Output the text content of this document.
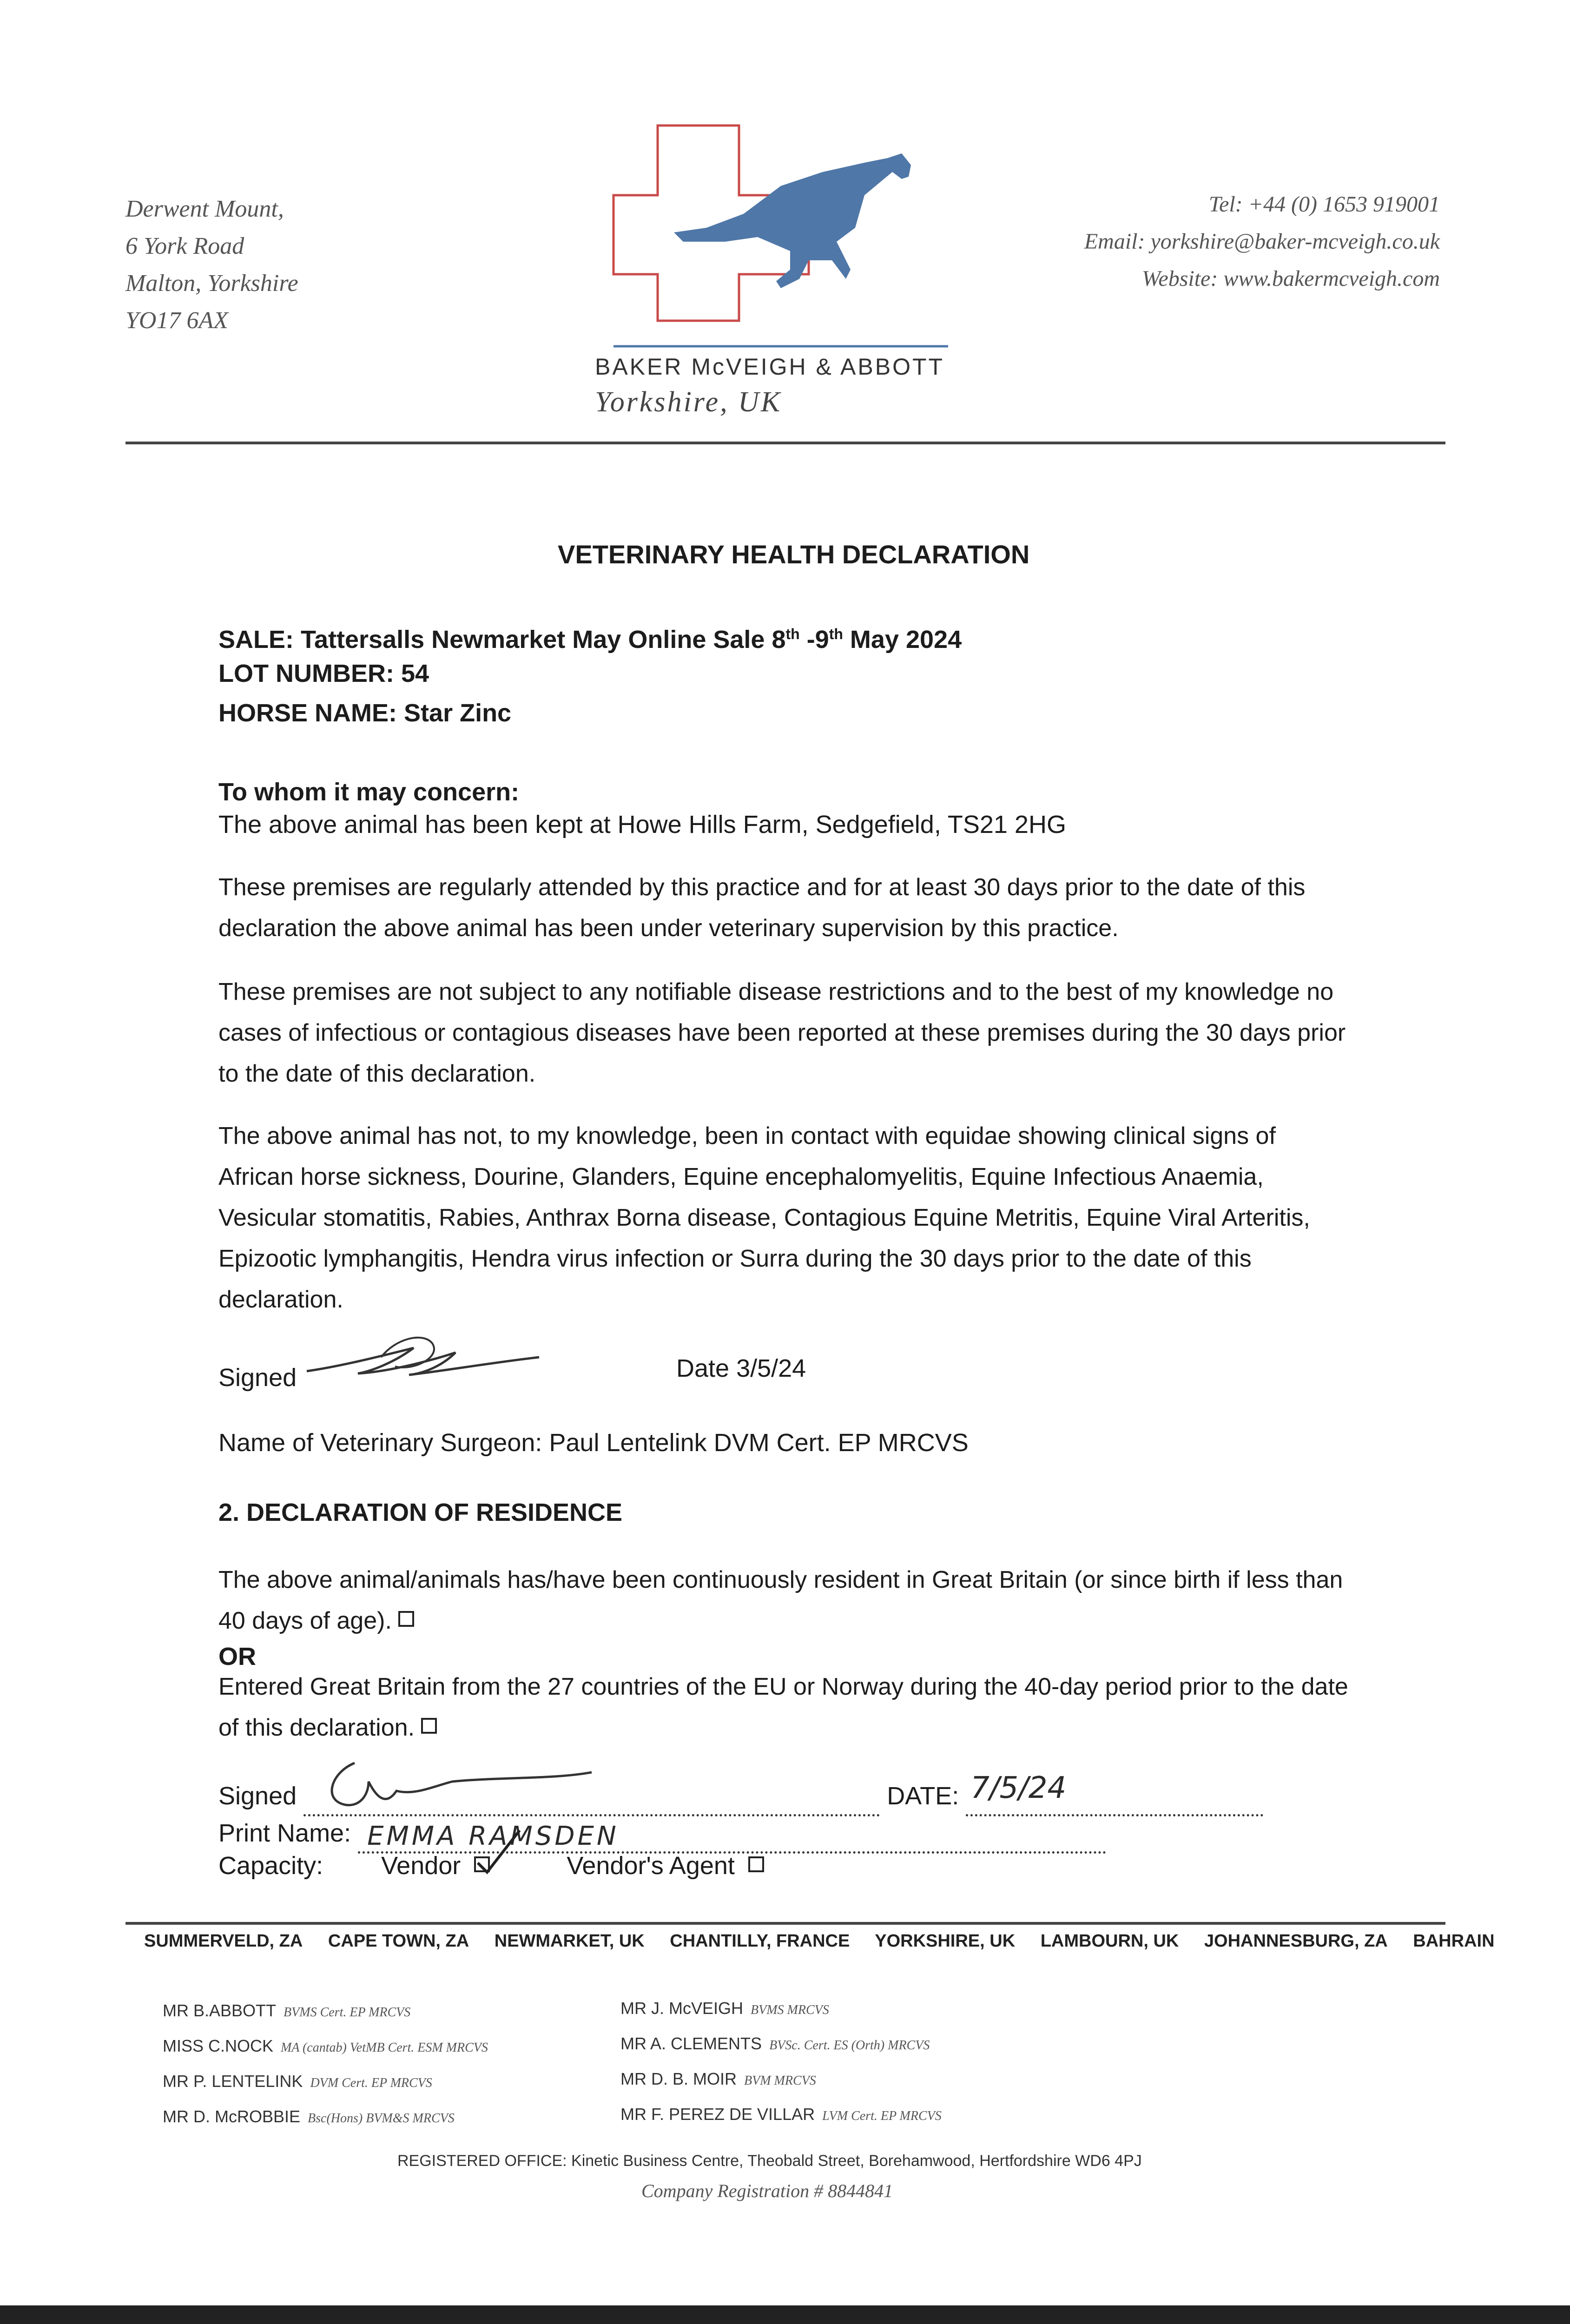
Derwent Mount,
6 York Road
Malton, Yorkshire
YO17 6AX
BAKER McVEIGH & ABBOTT
Yorkshire, UK
Tel: +44 (0) 1653 919001
Email: yorkshire@baker-mcveigh.co.uk
Website: www.bakermcveigh.com
VETERINARY HEALTH DECLARATION
SALE: Tattersalls Newmarket May Online Sale 8th -9th May 2024
LOT NUMBER: 54
HORSE NAME: Star Zinc
To whom it may concern:
The above animal has been kept at Howe Hills Farm, Sedgefield, TS21 2HG
These premises are regularly attended by this practice and for at least 30 days prior to the date of this declaration the above animal has been under veterinary supervision by this practice.
These premises are not subject to any notifiable disease restrictions and to the best of my knowledge no cases of infectious or contagious diseases have been reported at these premises during the 30 days prior to the date of this declaration.
The above animal has not, to my knowledge, been in contact with equidae showing clinical signs of African horse sickness, Dourine, Glanders, Equine encephalomyelitis, Equine Infectious Anaemia, Vesicular stomatitis, Rabies, Anthrax Borna disease, Contagious Equine Metritis, Equine Viral Arteritis, Epizootic lymphangitis, Hendra virus infection or Surra during the 30 days prior to the date of this declaration.
Signed	Date 3/5/24
Name of Veterinary Surgeon: Paul Lentelink DVM Cert. EP MRCVS
2. DECLARATION OF RESIDENCE
The above animal/animals has/have been continuously resident in Great Britain (or since birth if less than 40 days of age).
OR
Entered Great Britain from the 27 countries of the EU or Norway during the 40-day period prior to the date of this declaration.
Signed	DATE: 7/5/24
Print Name: EMMA RAMSDEN
Capacity: Vendor	Vendor's Agent
SUMMERVELD, ZA CAPE TOWN, ZA NEWMARKET, UK CHANTILLY, FRANCE YORKSHIRE, UK LAMBOURN, UK JOHANNESBURG, ZA BAHRAIN
MR B.ABBOTT BVMS Cert. EP MRCVS
MISS C.NOCK MA (cantab) VetMB Cert. ESM MRCVS
MR P. LENTELINK DVM Cert. EP MRCVS
MR D. McROBBIE Bsc(Hons) BVM&S MRCVS
MR J. McVEIGH BVMS MRCVS
MR A. CLEMENTS BVSc. Cert. ES (Orth) MRCVS
MR D. B. MOIR BVM MRCVS
MR F. PEREZ DE VILLAR LVM Cert. EP MRCVS
REGISTERED OFFICE: Kinetic Business Centre, Theobald Street, Borehamwood, Hertfordshire WD6 4PJ
Company Registration # 8844841
